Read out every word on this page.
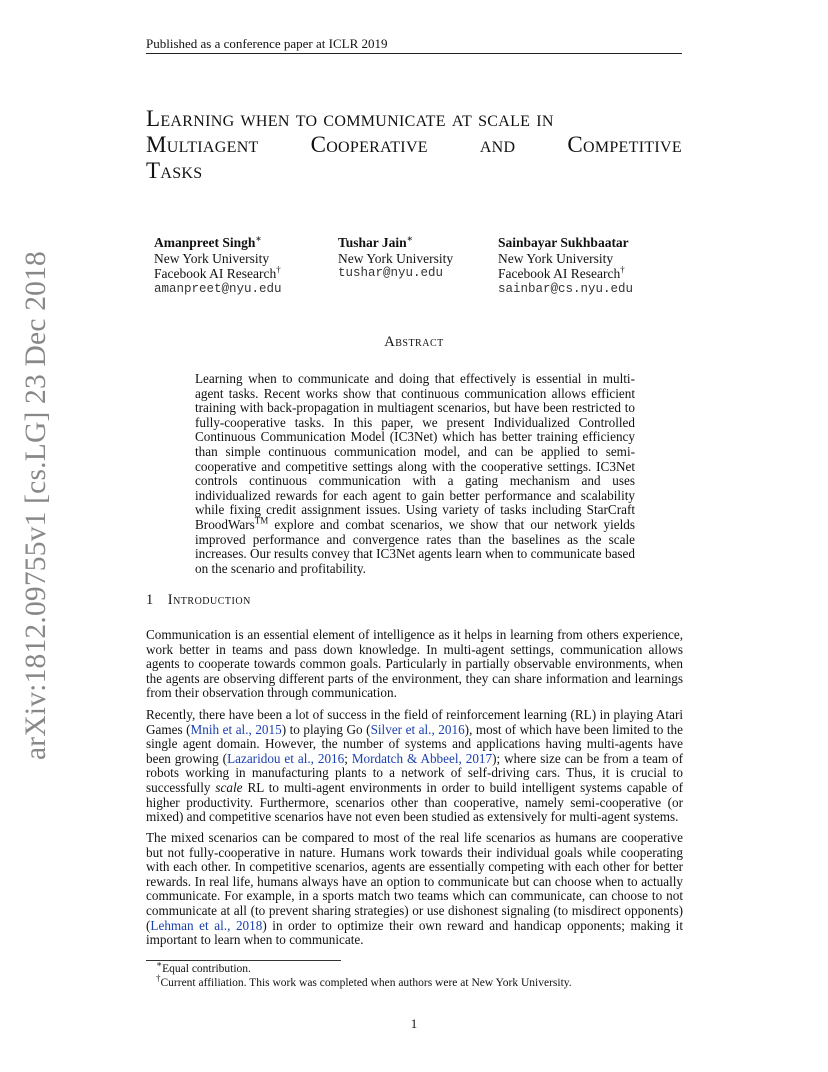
Published as a conference paper at ICLR 2019
arXiv:1812.09755v1 [cs.LG] 23 Dec 2018
Learning when to communicate at scale in
Multiagent Cooperative and Competitive
Tasks
Amanpreet Singh∗
New York University
Facebook AI Research†
amanpreet@nyu.edu
Tushar Jain∗
New York University
tushar@nyu.edu
Sainbayar Sukhbaatar
New York University
Facebook AI Research†
sainbar@cs.nyu.edu
Abstract
Learning when to communicate and doing that effectively is essential in multi-agent tasks. Recent works show that continuous communication allows efficient training with back-propagation in multiagent scenarios, but have been restricted to fully-cooperative tasks. In this paper, we present Individualized Controlled Continuous Communication Model (IC3Net) which has better training efficiency than simple continuous communication model, and can be applied to semi-cooperative and competitive settings along with the cooperative settings. IC3Net controls continuous communication with a gating mechanism and uses individualized rewards for each agent to gain better performance and scalability while fixing credit assignment issues. Using variety of tasks including StarCraft BroodWars™ explore and combat scenarios, we show that our network yields improved performance and convergence rates than the baselines as the scale increases. Our results convey that IC3Net agents learn when to communicate based on the scenario and profitability.
1 Introduction
Communication is an essential element of intelligence as it helps in learning from others experience, work better in teams and pass down knowledge. In multi-agent settings, communication allows agents to cooperate towards common goals. Particularly in partially observable environments, when the agents are observing different parts of the environment, they can share information and learnings from their observation through communication.
Recently, there have been a lot of success in the field of reinforcement learning (RL) in playing Atari Games (Mnih et al., 2015) to playing Go (Silver et al., 2016), most of which have been limited to the single agent domain. However, the number of systems and applications having multi-agents have been growing (Lazaridou et al., 2016; Mordatch & Abbeel, 2017); where size can be from a team of robots working in manufacturing plants to a network of self-driving cars. Thus, it is crucial to successfully scale RL to multi-agent environments in order to build intelligent systems capable of higher productivity. Furthermore, scenarios other than cooperative, namely semi-cooperative (or mixed) and competitive scenarios have not even been studied as extensively for multi-agent systems.
The mixed scenarios can be compared to most of the real life scenarios as humans are cooperative but not fully-cooperative in nature. Humans work towards their individual goals while cooperating with each other. In competitive scenarios, agents are essentially competing with each other for better rewards. In real life, humans always have an option to communicate but can choose when to actually communicate. For example, in a sports match two teams which can communicate, can choose to not communicate at all (to prevent sharing strategies) or use dishonest signaling (to misdirect opponents) (Lehman et al., 2018) in order to optimize their own reward and handicap opponents; making it important to learn when to communicate.
∗Equal contribution.
†Current affiliation. This work was completed when authors were at New York University.
1
